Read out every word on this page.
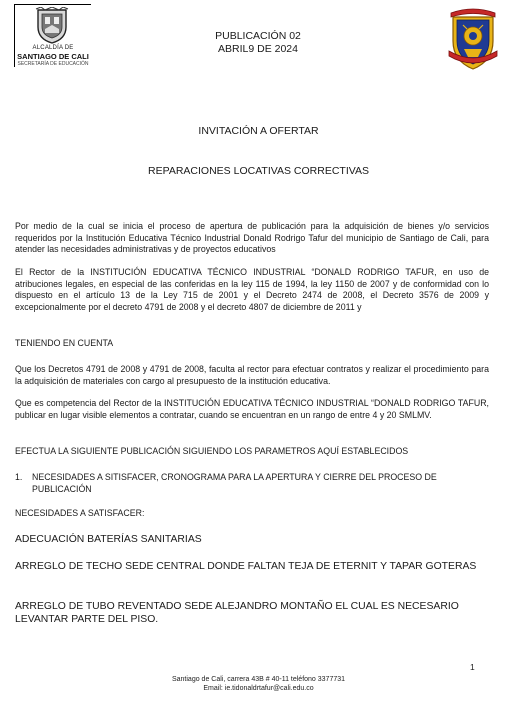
ALCALDÍA DE
SANTIAGO DE CALI
SECRETARÍA DE EDUCACIÓN
PUBLICACIÓN 02
ABRIL9 DE 2024
INVITACIÓN A OFERTAR
REPARACIONES LOCATIVAS CORRECTIVAS
Por medio de la cual se inicia el proceso de apertura de publicación para la adquisición de bienes y/o servicios requeridos por la Institución Educativa Técnico Industrial Donald Rodrigo Tafur del municipio de Santiago de Cali, para atender las necesidades administrativas y de proyectos educativos
El Rector de la INSTITUCIÓN EDUCATIVA TÉCNICO INDUSTRIAL “DONALD RODRIGO TAFUR, en uso de atribuciones legales, en especial de las conferidas en la ley 115 de 1994, la ley 1150 de 2007 y de conformidad con lo dispuesto en el artículo 13 de la Ley 715 de 2001 y el Decreto 2474 de 2008, el Decreto 3576 de 2009 y excepcionalmente por el decreto 4791 de 2008 y el decreto 4807 de diciembre de 2011 y
TENIENDO EN CUENTA
Que los Decretos 4791 de 2008 y 4791 de 2008, faculta al rector para efectuar contratos y realizar el procedimiento para la adquisición de materiales con cargo al presupuesto de la institución educativa.
Que es competencia del Rector de la INSTITUCIÓN EDUCATIVA TÉCNICO INDUSTRIAL “DONALD RODRIGO TAFUR, publicar en lugar visible elementos a contratar, cuando se encuentran en un rango de entre 4 y 20 SMLMV.
EFECTUA LA SIGUIENTE PUBLICACIÓN SIGUIENDO LOS PARAMETROS AQUÍ ESTABLECIDOS
1. NECESIDADES A SITISFACER, CRONOGRAMA PARA LA APERTURA Y CIERRE DEL PROCESO DE PUBLICACIÓN
NECESIDADES A SATISFACER:
ADECUACIÓN BATERÍAS SANITARIAS
ARREGLO DE TECHO SEDE CENTRAL DONDE FALTAN TEJA DE ETERNIT Y TAPAR GOTERAS
ARREGLO DE TUBO REVENTADO SEDE ALEJANDRO MONTAÑO EL CUAL ES NECESARIO LEVANTAR PARTE DEL PISO.
1
Santiago de Cali, carrera 43B # 40-11 teléfono 3377731
Email: ie.tidonaldrtafur@cali.edu.co
